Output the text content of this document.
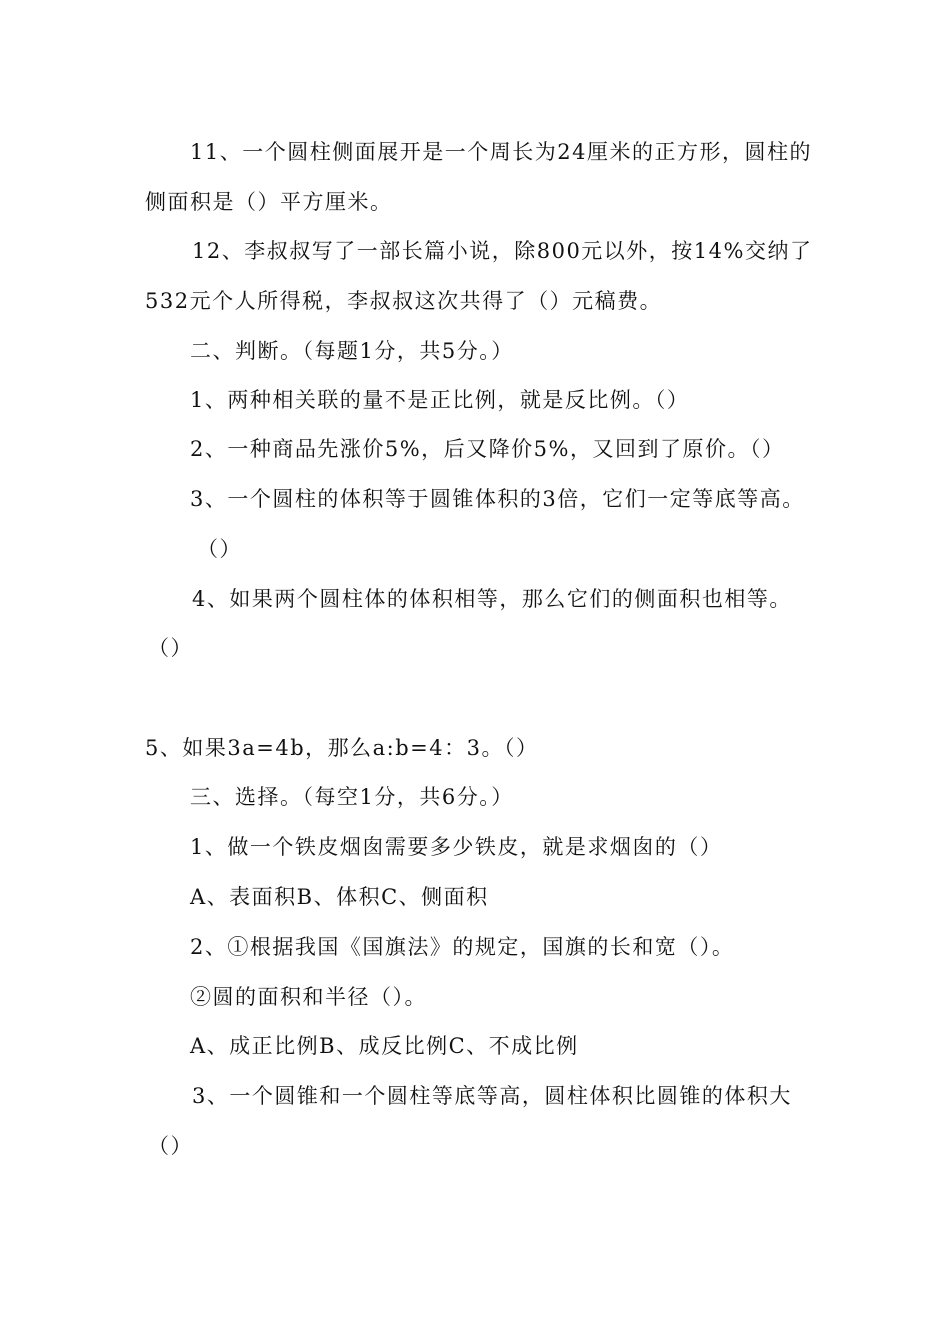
11、一个圆柱侧面展开是一个周长为24厘米的正方形，圆柱的
侧面积是（）平方厘米。
12、李叔叔写了一部长篇小说，除800元以外，按14%交纳了
532元个人所得税，李叔叔这次共得了（）元稿费。
二、判断。（每题1分，共5分。）
1、两种相关联的量不是正比例，就是反比例。（）
2、一种商品先涨价5%，后又降价5%，又回到了原价。（）
3、一个圆柱的体积等于圆锥体积的3倍，它们一定等底等高。
（）
4、如果两个圆柱体的体积相等，那么它们的侧面积也相等。
（）
5、如果3a=4b，那么a:b=4：3。（）
三、选择。（每空1分，共6分。）
1、做一个铁皮烟囱需要多少铁皮，就是求烟囱的（）
A、表面积B、体积C、侧面积
2、①根据我国《国旗法》的规定，国旗的长和宽（）。
②圆的面积和半径（）。
A、成正比例B、成反比例C、不成比例
3、一个圆锥和一个圆柱等底等高，圆柱体积比圆锥的体积大
（）
